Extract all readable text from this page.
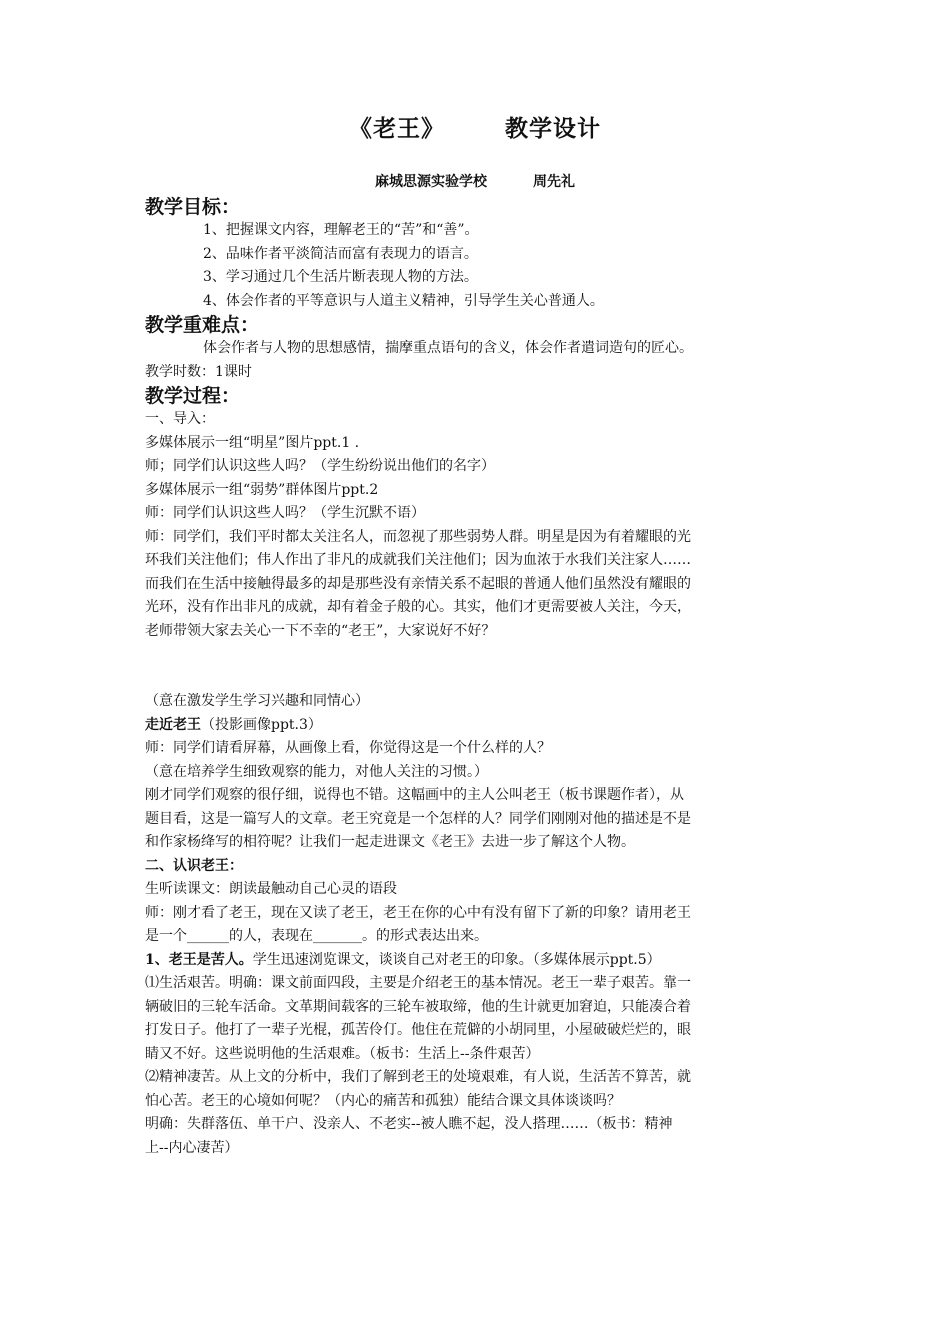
《老王》	教学设计
麻城思源实验学校	周先礼
教学目标：
1、把握课文内容，理解老王的“苦”和“善”。
2、品味作者平淡简洁而富有表现力的语言。
3、学习通过几个生活片断表现人物的方法。
4、体会作者的平等意识与人道主义精神，引导学生关心普通人。
教学重难点：
体会作者与人物的思想感情，揣摩重点语句的含义，体会作者遣词造句的匠心。
教学时数：1课时
教学过程：
一、导入：
多媒体展示一组“明星”图片ppt.1 .
师；同学们认识这些人吗？（学生纷纷说出他们的名字）
多媒体展示一组“弱势”群体图片ppt.2
师：同学们认识这些人吗？（学生沉默不语）
师：同学们，我们平时都太关注名人，而忽视了那些弱势人群。明星是因为有着耀眼的光
环我们关注他们；伟人作出了非凡的成就我们关注他们；因为血浓于水我们关注家人……
而我们在生活中接触得最多的却是那些没有亲情关系不起眼的普通人他们虽然没有耀眼的
光环，没有作出非凡的成就，却有着金子般的心。其实，他们才更需要被人关注，今天，
老师带领大家去关心一下不幸的“老王”，大家说好不好？
（意在激发学生学习兴趣和同情心）
走近老王（投影画像ppt.3）
师：同学们请看屏幕，从画像上看，你觉得这是一个什么样的人？
（意在培养学生细致观察的能力，对他人关注的习惯。）
刚才同学们观察的很仔细，说得也不错。这幅画中的主人公叫老王（板书课题作者），从
题目看，这是一篇写人的文章。老王究竟是一个怎样的人？同学们刚刚对他的描述是不是
和作家杨绛写的相符呢？让我们一起走进课文《老王》去进一步了解这个人物。
二、认识老王：
生听读课文：朗读最触动自己心灵的语段
师：刚才看了老王，现在又读了老王，老王在你的心中有没有留下了新的印象？请用老王
是一个______的人，表现在_______。的形式表达出来。
1、老王是苦人。学生迅速浏览课文，谈谈自己对老王的印象。（多媒体展示ppt.5）
⑴生活艰苦。明确：课文前面四段，主要是介绍老王的基本情况。老王一辈子艰苦。靠一
辆破旧的三轮车活命。文革期间载客的三轮车被取缔，他的生计就更加窘迫，只能凑合着
打发日子。他打了一辈子光棍，孤苦伶仃。他住在荒僻的小胡同里，小屋破破烂烂的，眼
睛又不好。这些说明他的生活艰难。（板书：生活上--条件艰苦）
⑵精神凄苦。从上文的分析中，我们了解到老王的处境艰难，有人说，生活苦不算苦，就
怕心苦。老王的心境如何呢？（内心的痛苦和孤独）能结合课文具体谈谈吗？
明确：失群落伍、单干户、没亲人、不老实--被人瞧不起，没人搭理……（板书：精神
上--内心凄苦）
